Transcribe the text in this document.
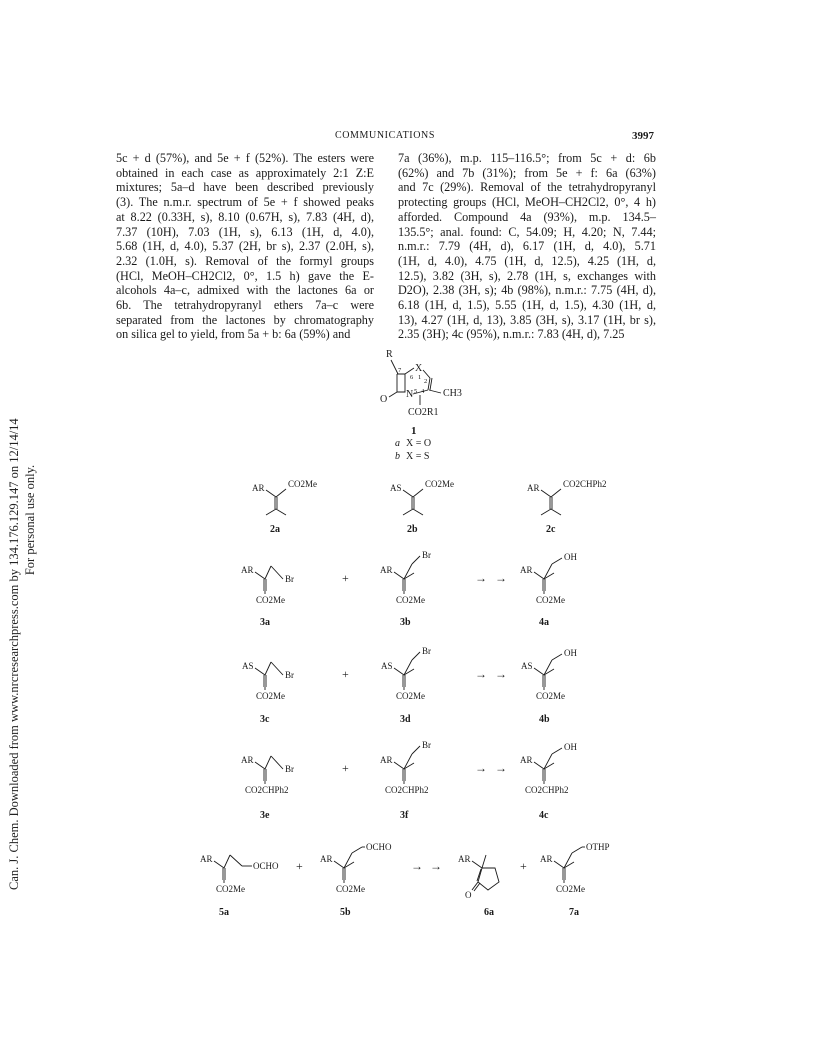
Can. J. Chem. Downloaded from www.nrcresearchpress.com by 134.176.129.147 on 12/14/14 For personal use only.
COMMUNICATIONS	3997
5c + d (57%), and 5e + f (52%). The esters were
obtained in each case as approximately 2:1 Z:E
mixtures; 5a–d have been described previously
(3). The n.m.r. spectrum of 5e + f showed peaks
at 8.22 (0.33H, s), 8.10 (0.67H, s), 7.83 (4H, d),
7.37 (10H), 7.03 (1H, s), 6.13 (1H, d, 4.0),
5.68 (1H, d, 4.0), 5.37 (2H, br s), 2.37 (2.0H, s),
2.32 (1.0H, s). Removal of the formyl groups
(HCl, MeOH–CH2Cl2, 0°, 1.5 h) gave the E-
alcohols 4a–c, admixed with the lactones 6a or
6b. The tetrahydropyranyl ethers 7a–c were
separated from the lactones by chromatography
on silica gel to yield, from 5a + b: 6a (59%) and
7a (36%), m.p. 115–116.5°; from 5c + d: 6b
(62%) and 7b (31%); from 5e + f: 6a (63%)
and 7c (29%). Removal of the tetrahydropyranyl
protecting groups (HCl, MeOH–CH2Cl2, 0°, 4 h)
afforded. Compound 4a (93%), m.p. 134.5–
135.5°; anal. found: C, 54.09; H, 4.20; N, 7.44;
n.m.r.: 7.79 (4H, d), 6.17 (1H, d, 4.0), 5.71
(1H, d, 4.0), 4.75 (1H, d, 12.5), 4.25 (1H, d,
12.5), 3.82 (3H, s), 2.78 (1H, s, exchanges with
D2O), 2.38 (3H, s); 4b (98%), n.m.r.: 7.75 (4H, d),
6.18 (1H, d, 1.5), 5.55 (1H, d, 1.5), 4.30 (1H, d,
13), 4.27 (1H, d, 13), 3.85 (3H, s), 3.17 (1H, br s),
2.35 (3H); 4c (95%), n.m.r.: 7.83 (4H, d), 7.25
R
O
X
N	CH3
CO2R1
7
6 1
2
5 4
1
a X = O
b X = S
AR	CO2Me
2a
AS	CO2Me
2b
AR	CO2CHPh2
2c
AR
Br
CO2Me
3a
+
AR
Br
CO2Me
3b
→ →
AR
OH
CO2Me
4a
AS
Br
CO2Me
3c
+
AS
Br
CO2Me
3d
→ →
AS
OH
CO2Me
4b
AR
Br
CO2CHPh2
3e
+
AR
Br
CO2CHPh2
3f
→ →
AR
OH
CO2CHPh2
4c
AR
OCHO
CO2Me
5a
+ AR
OCHO
CO2Me
5b
→ → AR
O
6a
+ AR
OTHP
CO2Me
7a
